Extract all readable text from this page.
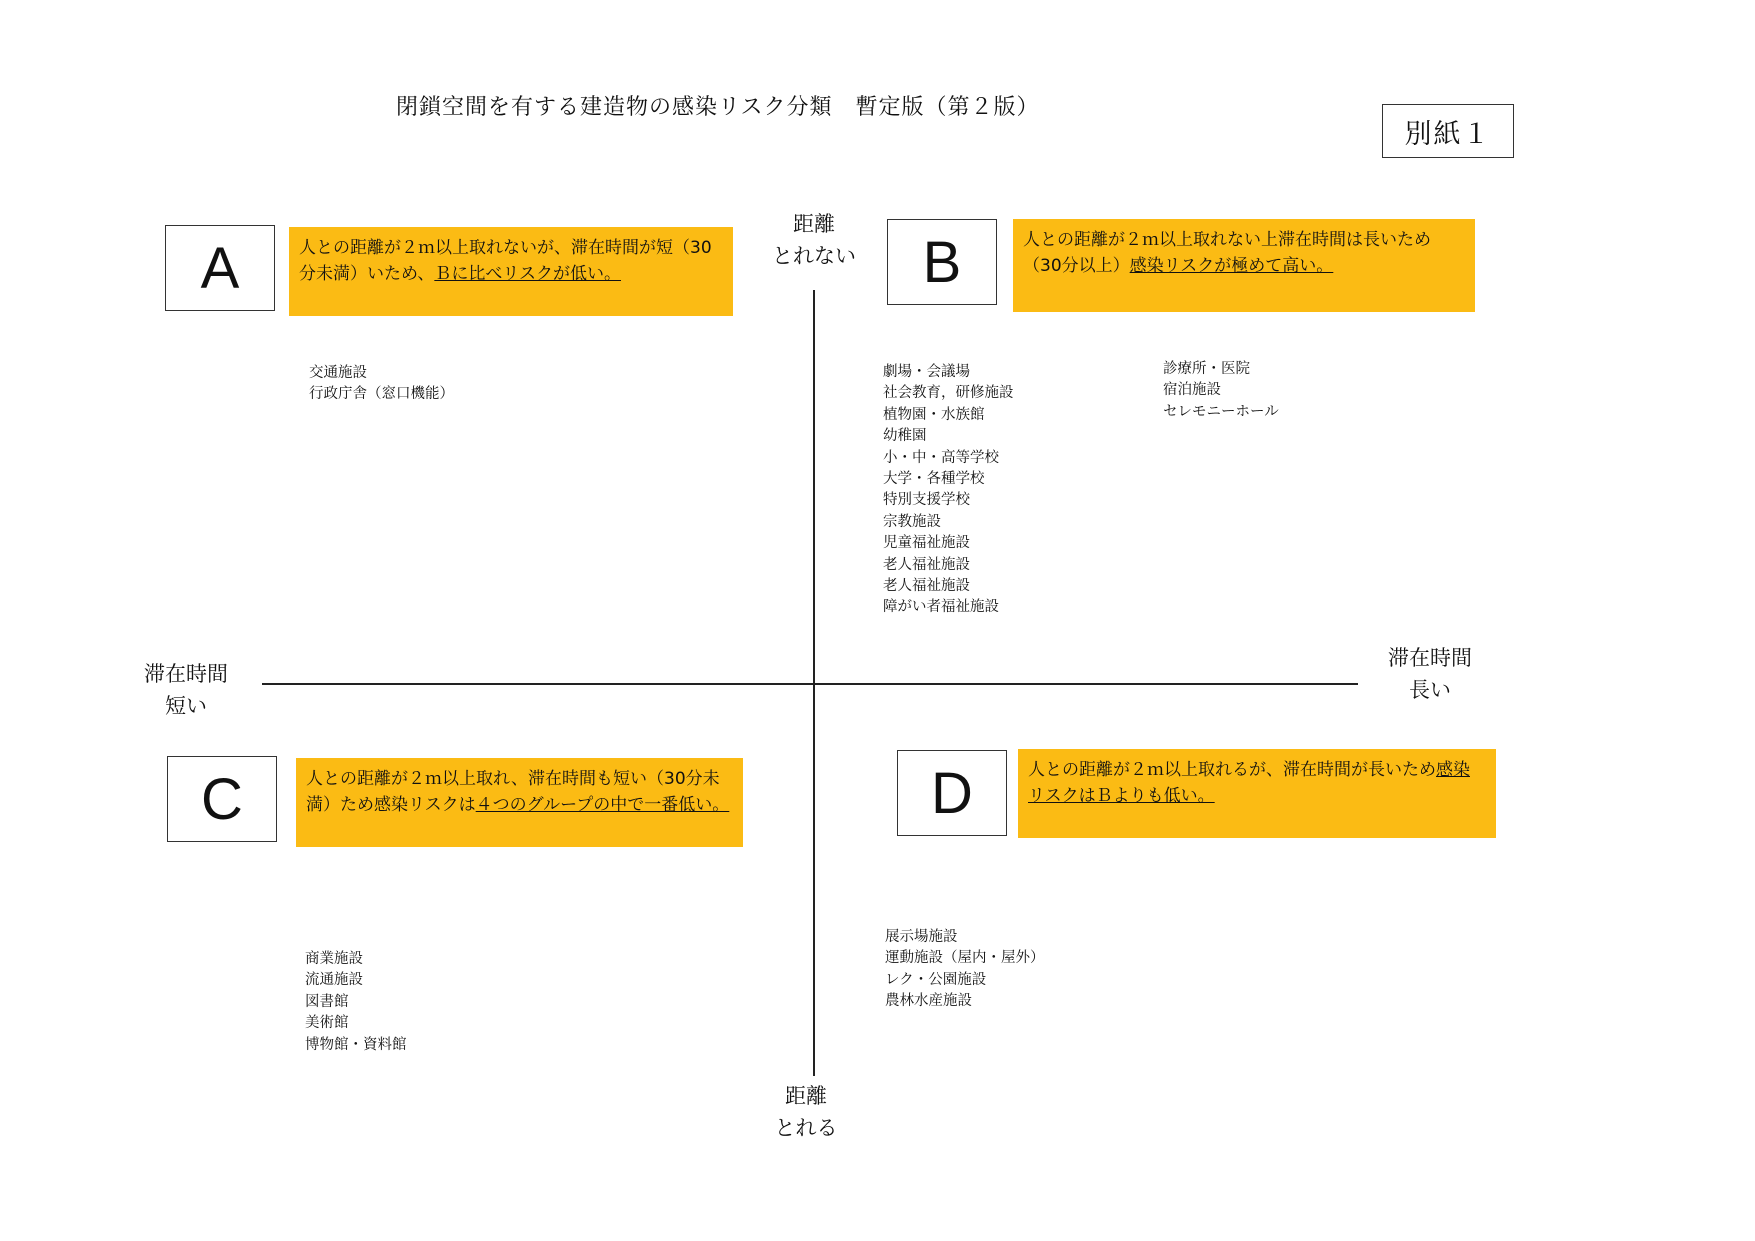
閉鎖空間を有する建造物の感染リスク分類　暫定版（第２版）
別紙１
距離
とれない
距離
とれる
滞在時間
短い
滞在時間
長い
A	人との距離が２ｍ以上取れないが、滞在時間が短（30分未満）いため、Ｂに比べリスクが低い。
交通施設
行政庁舎（窓口機能）
B	人との距離が２ｍ以上取れない上滞在時間は長いため（30分以上）感染リスクが極めて高い。
劇場・会議場
社会教育，研修施設
植物園・水族館
幼稚園
小・中・高等学校
大学・各種学校
特別支援学校
宗教施設
児童福祉施設
老人福祉施設
老人福祉施設
障がい者福祉施設
診療所・医院
宿泊施設
セレモニーホール
C	人との距離が２ｍ以上取れ、滞在時間も短い（30分未満）ため感染リスクは４つのグループの中で一番低い。
商業施設
流通施設
図書館
美術館
博物館・資料館
D	人との距離が２ｍ以上取れるが、滞在時間が長いため感染リスクはＢよりも低い。
展示場施設
運動施設（屋内・屋外）
レク・公園施設
農林水産施設
